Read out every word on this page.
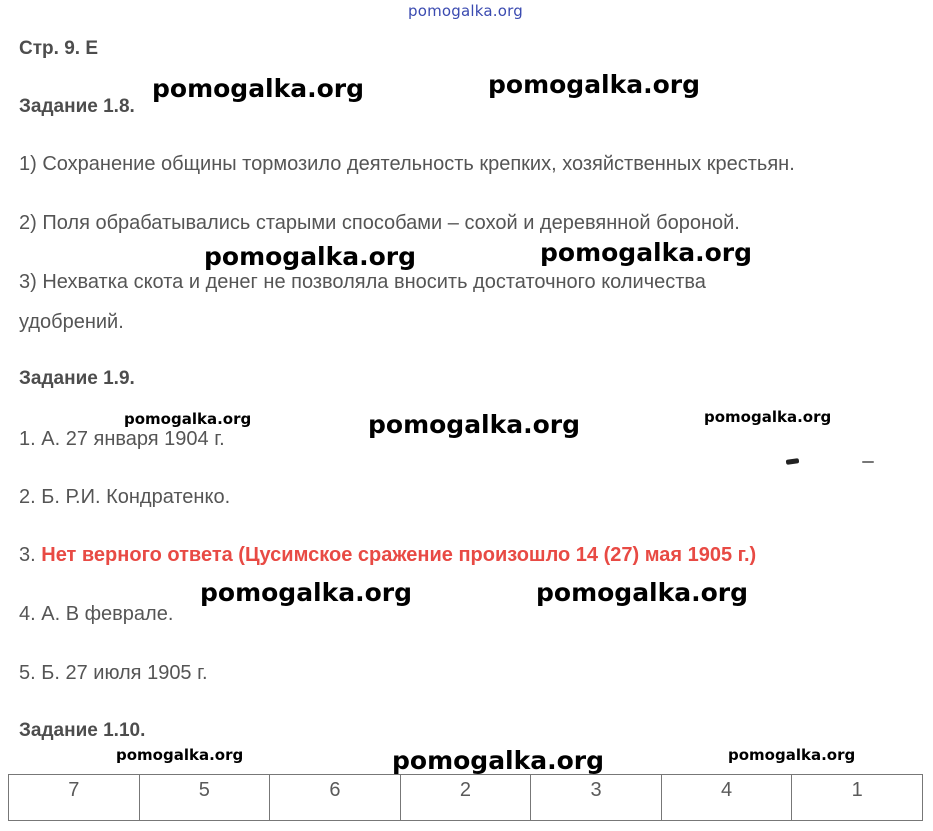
pomogalka.org
Стр. 9. Е
Задание 1.8.
1) Сохранение общины тормозило деятельность крепких, хозяйственных крестьян.
2) Поля обрабатывались старыми способами – сохой и деревянной бороной.
3) Нехватка скота и денег не позволяла вносить достаточного количества
удобрений.
Задание 1.9.
1. А. 27 января 1904 г.
2. Б. Р.И. Кондратенко.
3. Нет верного ответа (Цусимское сражение произошло 14 (27) мая 1905 г.)
4. А. В феврале.
5. Б. 27 июля 1905 г.
Задание 1.10.
7	5	6	2	3	4	1
pomogalka.org	pomogalka.org
pomogalka.org	pomogalka.org
pomogalka.org	pomogalka.org	pomogalka.org
pomogalka.org	pomogalka.org
pomogalka.org	pomogalka.org	pomogalka.org
